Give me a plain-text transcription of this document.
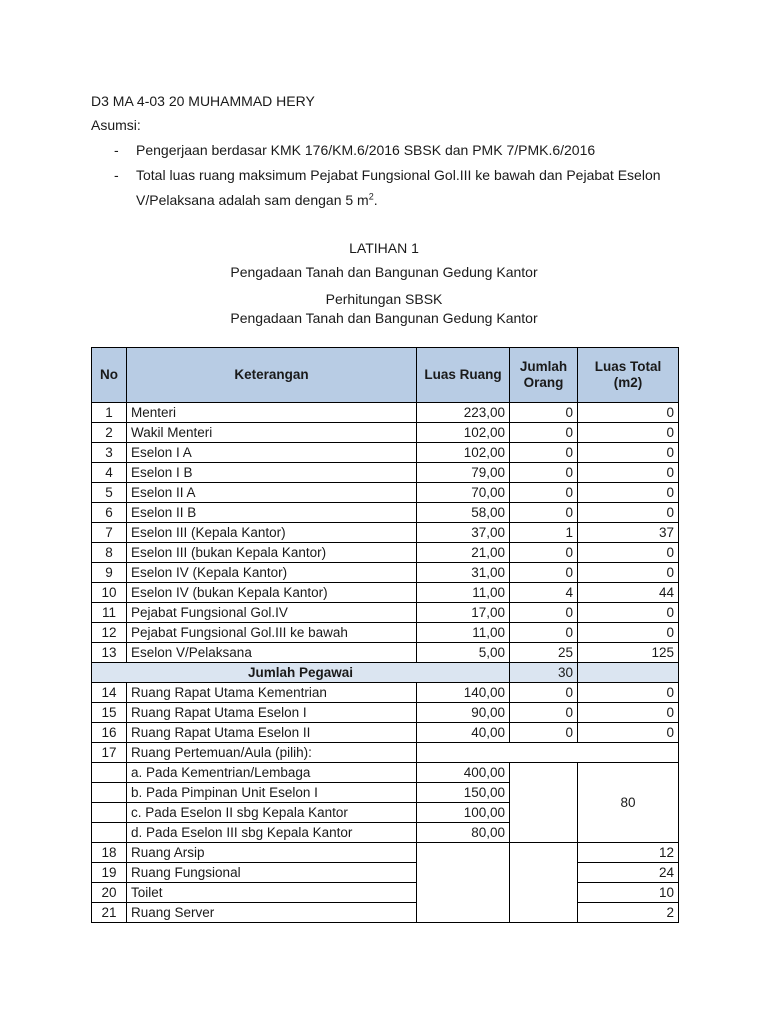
D3 MA 4-03 20 MUHAMMAD HERY
Asumsi:
- Pengerjaan berdasar KMK 176/KM.6/2016 SBSK dan PMK 7/PMK.6/2016
- Total luas ruang maksimum Pejabat Fungsional Gol.III ke bawah dan Pejabat Eselon
V/Pelaksana adalah sam dengan 5 $m^2$.
LATIHAN 1
Pengadaan Tanah dan Bangunan Gedung Kantor
Perhitungan SBSK
Pengadaan Tanah dan Bangunan Gedung Kantor
No	Keterangan	Luas Ruang	Jumlah Orang	Luas Total (m2)
1	Menteri	223,00	0	0
2	Wakil Menteri	102,00	0	0
3	Eselon I A	102,00	0	0
4	Eselon I B	79,00	0	0
5	Eselon II A	70,00	0	0
6	Eselon II B	58,00	0	0
7	Eselon III (Kepala Kantor)	37,00	1	37
8	Eselon III (bukan Kepala Kantor)	21,00	0	0
9	Eselon IV (Kepala Kantor)	31,00	0	0
10	Eselon IV (bukan Kepala Kantor)	11,00	4	44
11	Pejabat Fungsional Gol.IV	17,00	0	0
12	Pejabat Fungsional Gol.III ke bawah	11,00	0	0
13	Eselon V/Pelaksana	5,00	25	125
Jumlah Pegawai			30	
14	Ruang Rapat Utama Kementrian	140,00	0	0
15	Ruang Rapat Utama Eselon I	90,00	0	0
16	Ruang Rapat Utama Eselon II	40,00	0	0
17	Ruang Pertemuan/Aula (pilih):			
	a. Pada Kementrian/Lembaga	400,00		80
	b. Pada Pimpinan Unit Eselon I	150,00		
	c. Pada Eselon II sbg Kepala Kantor	100,00		
	d. Pada Eselon III sbg Kepala Kantor	80,00		
18	Ruang Arsip			12
19	Ruang Fungsional			24
20	Toilet			10
21	Ruang Server			2
